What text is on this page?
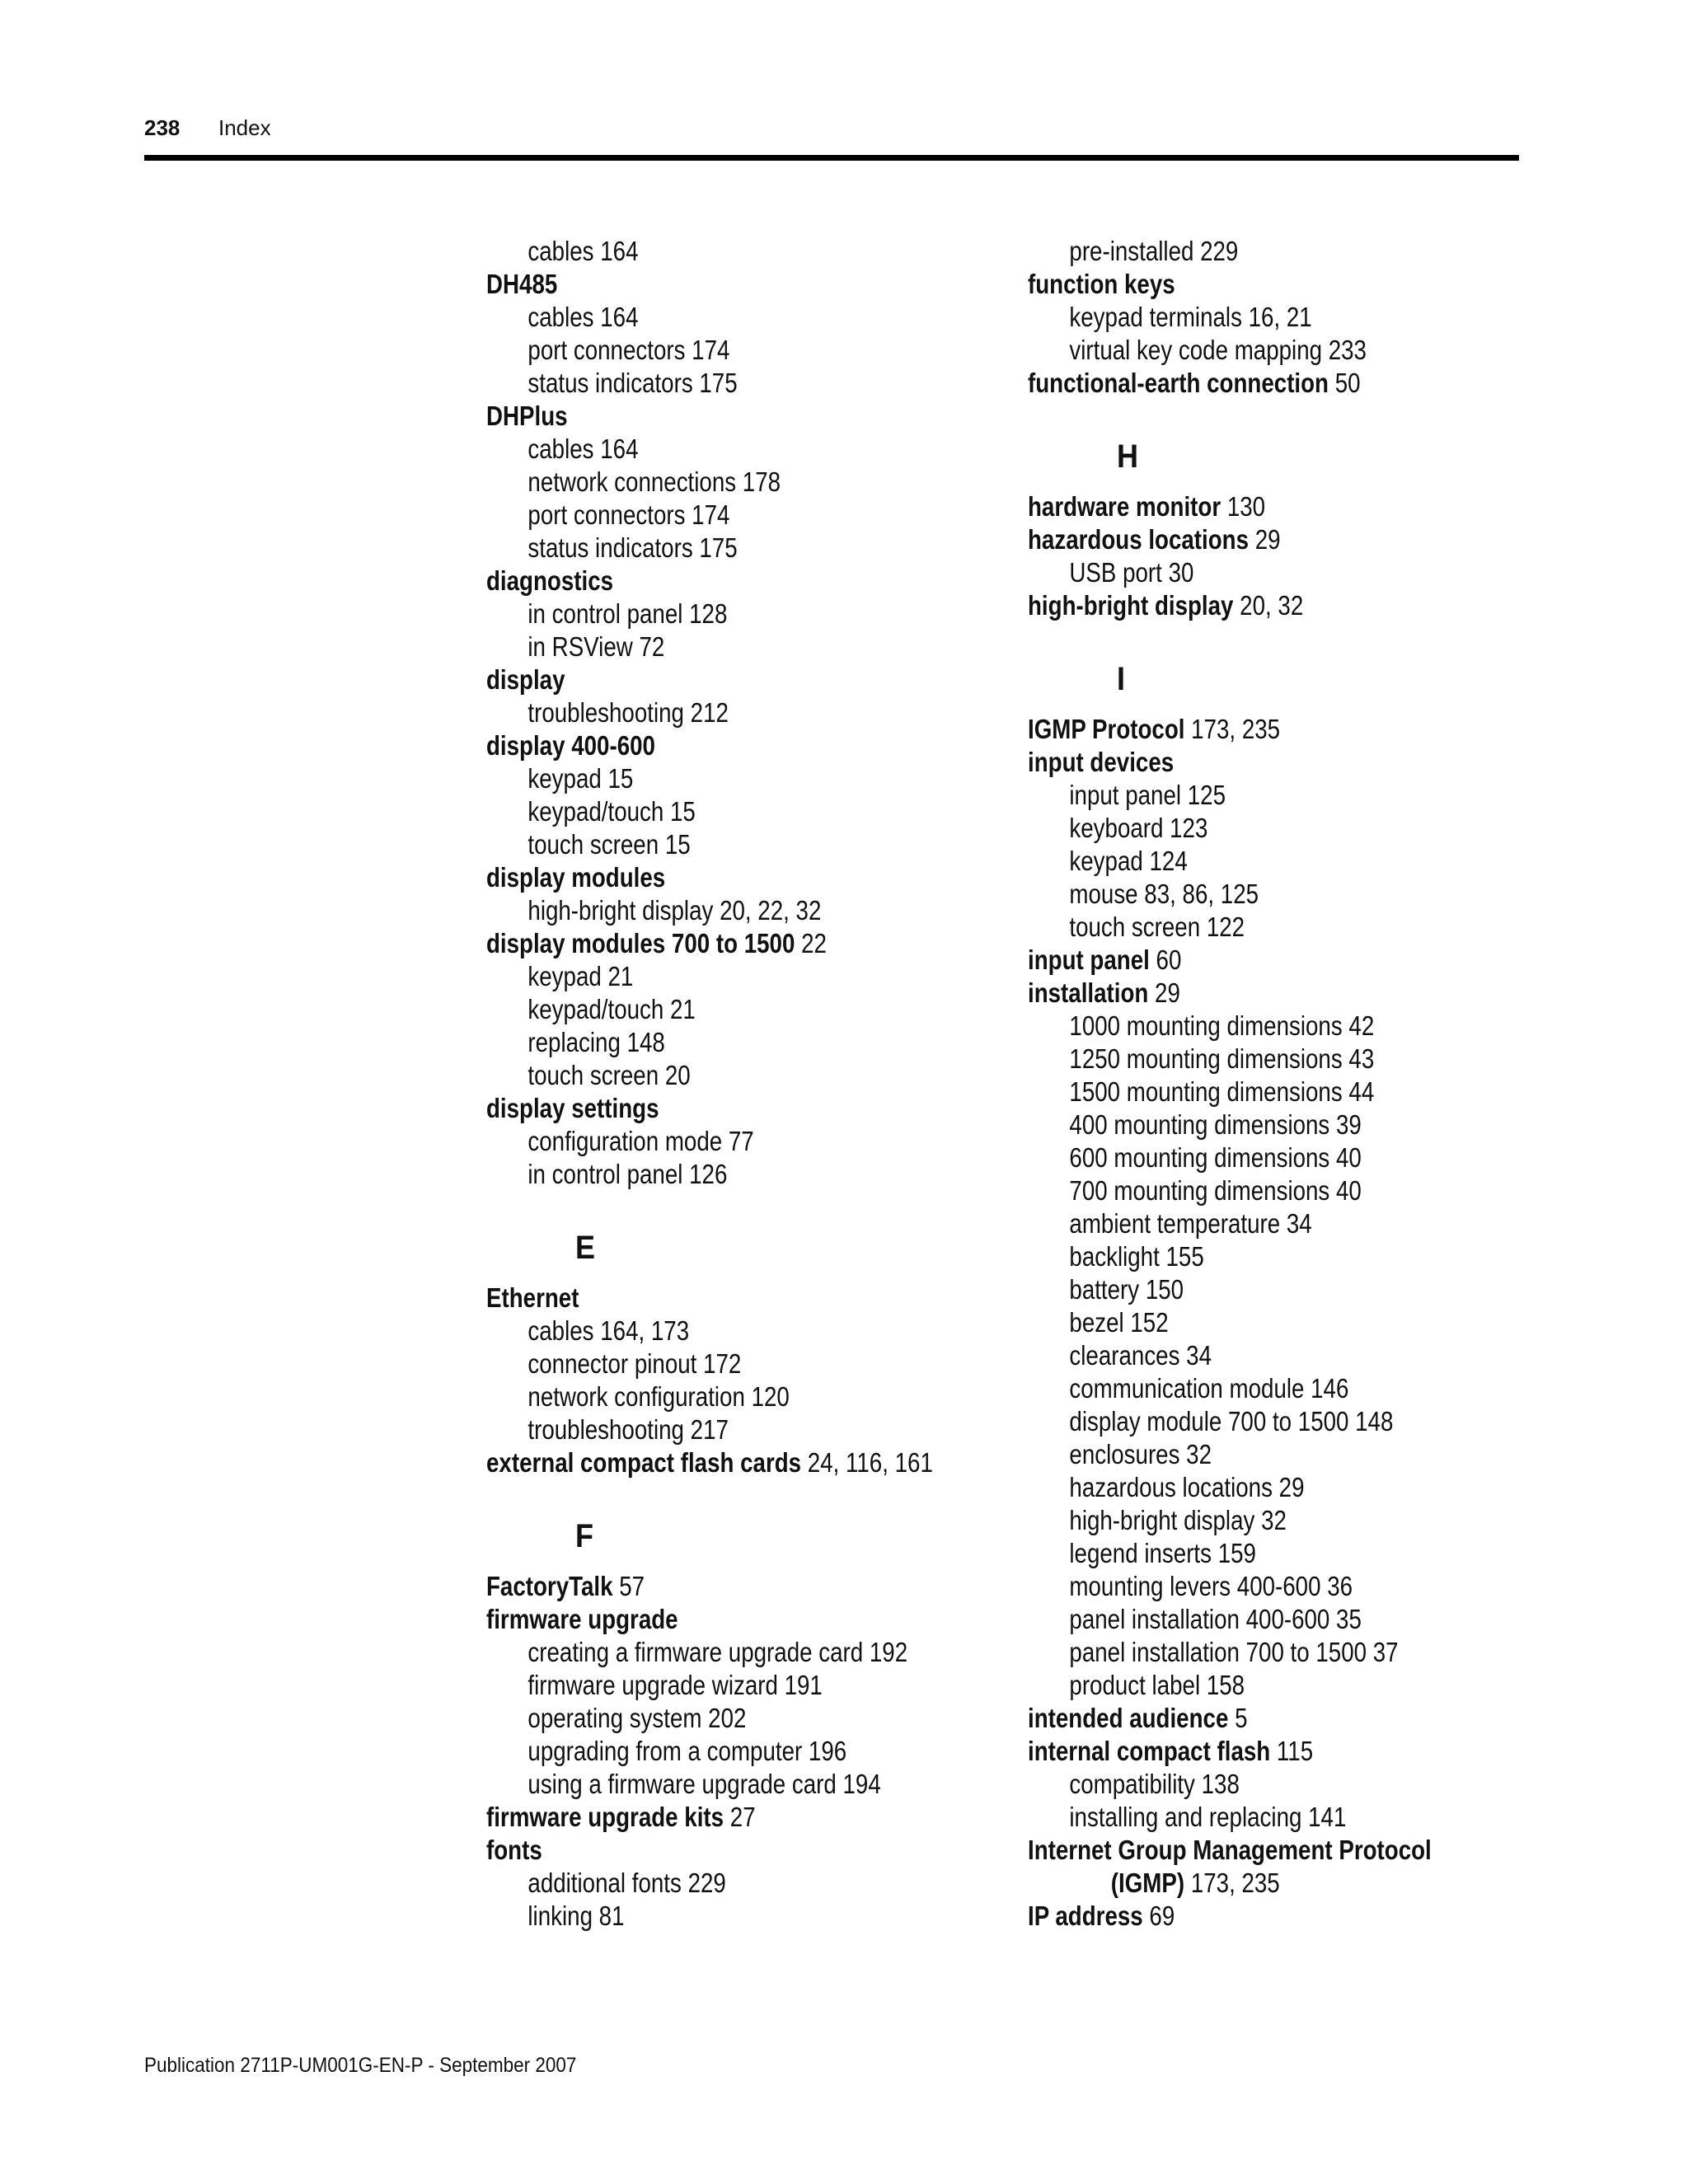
238 Index
cables 164
DH485
cables 164
port connectors 174
status indicators 175
DHPlus
cables 164
network connections 178
port connectors 174
status indicators 175
diagnostics
in control panel 128
in RSView 72
display
troubleshooting 212
display 400-600
keypad 15
keypad/touch 15
touch screen 15
display modules
high-bright display 20, 22, 32
display modules 700 to 1500 22
keypad 21
keypad/touch 21
replacing 148
touch screen 20
display settings
configuration mode 77
in control panel 126
E
Ethernet
cables 164, 173
connector pinout 172
network configuration 120
troubleshooting 217
external compact flash cards 24, 116, 161
F
FactoryTalk 57
firmware upgrade
creating a firmware upgrade card 192
firmware upgrade wizard 191
operating system 202
upgrading from a computer 196
using a firmware upgrade card 194
firmware upgrade kits 27
fonts
additional fonts 229
linking 81
pre-installed 229
function keys
keypad terminals 16, 21
virtual key code mapping 233
functional-earth connection 50
H
hardware monitor 130
hazardous locations 29
USB port 30
high-bright display 20, 32
I
IGMP Protocol 173, 235
input devices
input panel 125
keyboard 123
keypad 124
mouse 83, 86, 125
touch screen 122
input panel 60
installation 29
1000 mounting dimensions 42
1250 mounting dimensions 43
1500 mounting dimensions 44
400 mounting dimensions 39
600 mounting dimensions 40
700 mounting dimensions 40
ambient temperature 34
backlight 155
battery 150
bezel 152
clearances 34
communication module 146
display module 700 to 1500 148
enclosures 32
hazardous locations 29
high-bright display 32
legend inserts 159
mounting levers 400-600 36
panel installation 400-600 35
panel installation 700 to 1500 37
product label 158
intended audience 5
internal compact flash 115
compatibility 138
installing and replacing 141
Internet Group Management Protocol
(IGMP) 173, 235
IP address 69
Publication 2711P-UM001G-EN-P - September 2007
